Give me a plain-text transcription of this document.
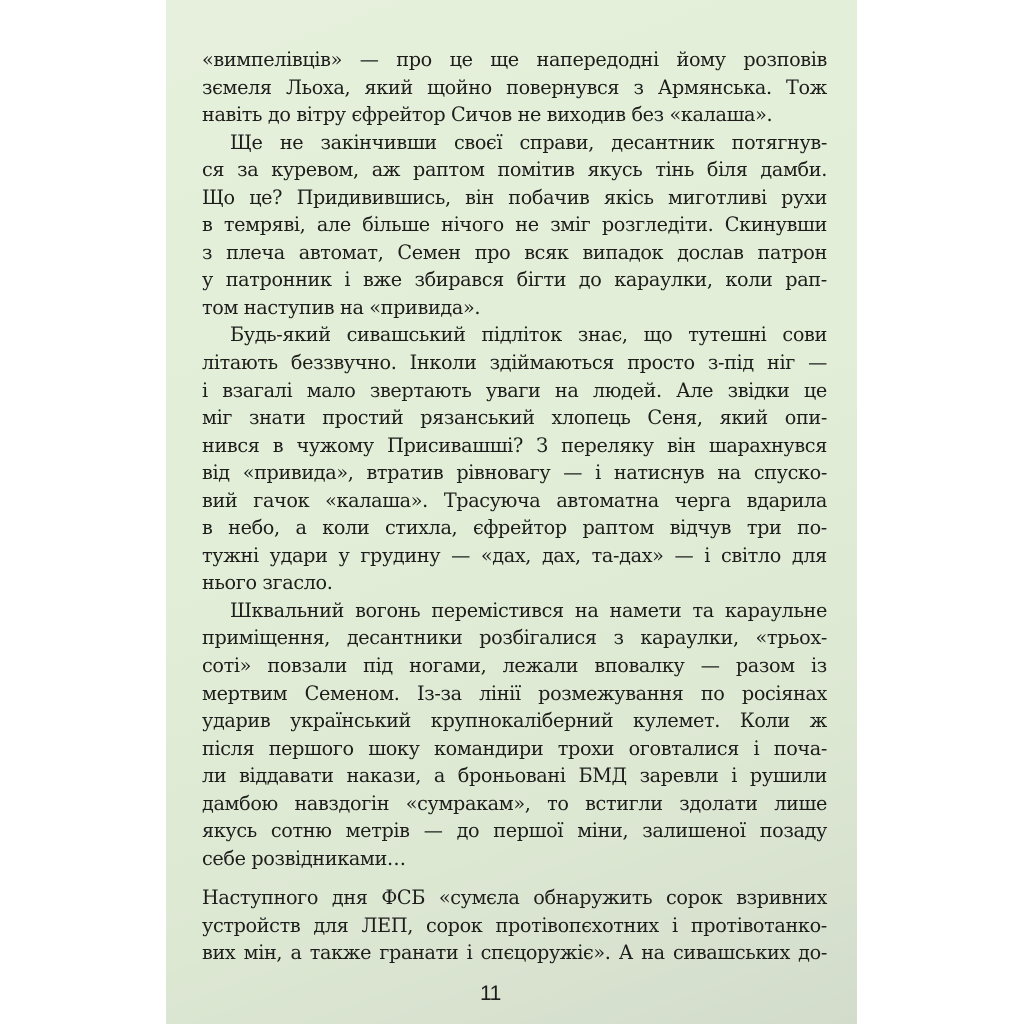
«вимпелівців» — про це ще напередодні йому розповів
зємеля Льоха, який щойно повернувся з Армянська. Тож
навіть до вітру єфрейтор Сичов не виходив без «калаша».
Ще не закінчивши своєї справи, десантник потягнув-
ся за куревом, аж раптом помітив якусь тінь біля дамби.
Що це? Придивившись, він побачив якісь миготливі рухи
в темряві, але більше нічого не зміг розгледіти. Скинувши
з плеча автомат, Семен про всяк випадок дослав патрон
у патронник і вже збирався бігти до караулки, коли рап-
том наступив на «привида».
Будь-який сивашський підліток знає, що тутешні сови
літають беззвучно. Інколи здіймаються просто з-під ніг —
і взагалі мало звертають уваги на людей. Але звідки це
міг знати простий рязанський хлопець Сеня, який опи-
нився в чужому Присивашші? З переляку він шарахнувся
від «привида», втратив рівновагу — і натиснув на спуско-
вий гачок «калаша». Трасуюча автоматна черга вдарила
в небо, а коли стихла, єфрейтор раптом відчув три по-
тужні удари у грудину — «дах, дах, та-дах» — і світло для
нього згасло.
Шквальний вогонь перемістився на намети та караульне
приміщення, десантники розбігалися з караулки, «трьох-
соті» повзали під ногами, лежали вповалку — разом із
мертвим Семеном. Із-за лінії розмежування по росіянах
ударив український крупнокаліберний кулемет. Коли ж
після першого шоку командири трохи оговталися і поча-
ли віддавати накази, а броньовані БМД заревли і рушили
дамбою навздогін «сумракам», то встигли здолати лише
якусь сотню метрів — до першої міни, залишеної позаду
себе розвідниками…
Наступного дня ФСБ «сумєла обнаружить сорок взривних
устройств для ЛЕП, сорок протівопєхотних і протівотанко-
вих мін, а также гранати і спєцоружіє». А на сивашських до-
11
